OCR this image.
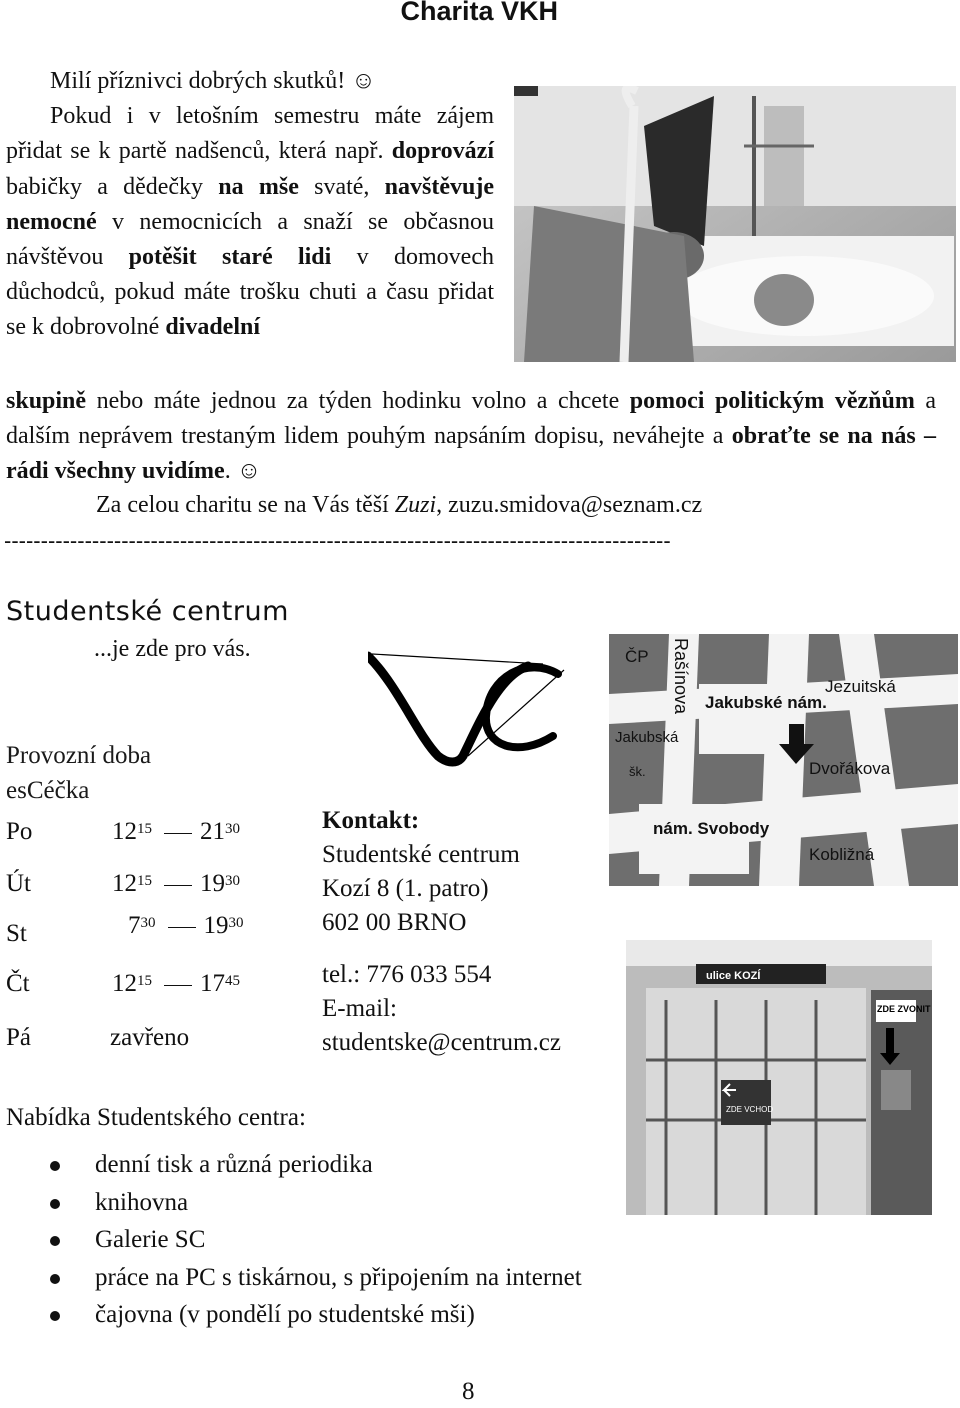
Charita VKH
Milí příznivci dobrých skutků! ☺
Pokud i v letošním semestru máte zájem přidat se k partě nadšenců, která např. doprovází babičky a dědečky na mše svaté, navštěvuje nemocné v nemocnicích a snaží se občasnou návštěvou potěšit staré lidi v domovech důchodců, pokud máte trošku chuti a času přidat se k dobrovolné divadelní
skupině nebo máte jednou za týden hodinku volno a chcete pomoci politickým vězňům a dalším neprávem trestaným lidem pouhým napsáním dopisu, neváhejte a obraťte se na nás – rádi všechny uvidíme. ☺
Za celou charitu se na Vás těší Zuzi, zuzu.smidova@seznam.cz
-------------------------------------------------------------------------------------------
Studentské centrum
...je zde pro vás.	ČP Rašínova Jakubské nám.
Jezuitská
Jakubská
šk.	Dvořákova
nám. Svobody
Kobližná
Provozní doba
esCéčka
Po	$12^{15}$ $21^{30}$
Út	$12^{15}$ $19^{30}$
St	$7^{30}$ $19^{30}$
Čt	$12^{15}$ $17^{45}$
Pá	zavřeno
Kontakt:
Studentské centrum
Kozí 8 (1. patro)
602 00 BRNO
tel.: 776 033 554
E-mail:
studentske@centrum.cz
ulice KOZÍ
ZDE ZVONIT
ZDE VCHOD
Nabídka Studentského centra:
denní tisk a různá periodika
knihovna
Galerie SC
práce na PC s tiskárnou, s připojením na internet
čajovna (v pondělí po studentské mši)
8
